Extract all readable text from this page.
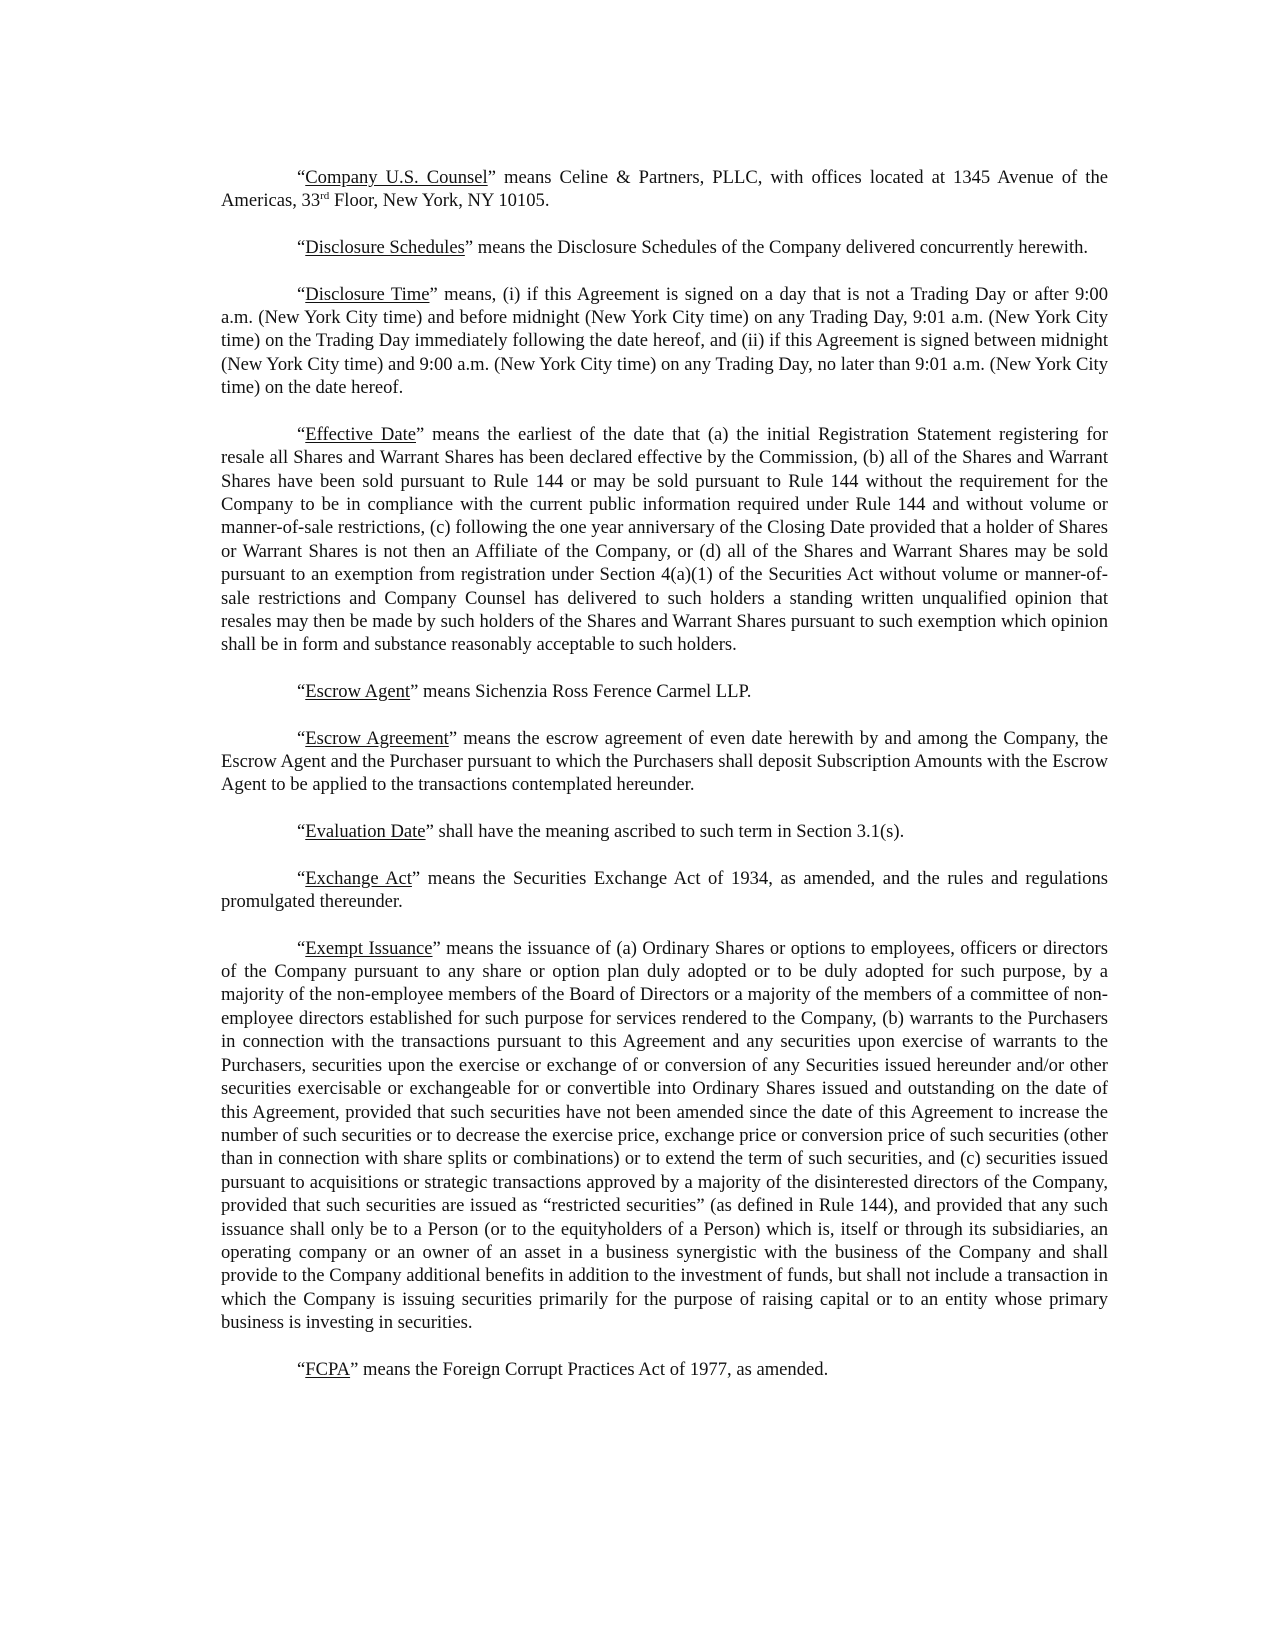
“Company U.S. Counsel” means Celine & Partners, PLLC, with offices located at 1345 Avenue of the Americas, 33rd Floor, New York, NY 10105.

“Disclosure Schedules” means the Disclosure Schedules of the Company delivered concurrently herewith.

“Disclosure Time” means, (i) if this Agreement is signed on a day that is not a Trading Day or after 9:00 a.m. (New York City time) and before midnight (New York City time) on any Trading Day, 9:01 a.m. (New York City time) on the Trading Day immediately following the date hereof, and (ii) if this Agreement is signed between midnight (New York City time) and 9:00 a.m. (New York City time) on any Trading Day, no later than 9:01 a.m. (New York City time) on the date hereof.

“Effective Date” means the earliest of the date that (a) the initial Registration Statement registering for resale all Shares and Warrant Shares has been declared effective by the Commission, (b) all of the Shares and Warrant Shares have been sold pursuant to Rule 144 or may be sold pursuant to Rule 144 without the requirement for the Company to be in compliance with the current public information required under Rule 144 and without volume or manner-of-sale restrictions, (c) following the one year anniversary of the Closing Date provided that a holder of Shares or Warrant Shares is not then an Affiliate of the Company, or (d) all of the Shares and Warrant Shares may be sold pursuant to an exemption from registration under Section 4(a)(1) of the Securities Act without volume or manner-of-sale restrictions and Company Counsel has delivered to such holders a standing written unqualified opinion that resales may then be made by such holders of the Shares and Warrant Shares pursuant to such exemption which opinion shall be in form and substance reasonably acceptable to such holders.

“Escrow Agent” means Sichenzia Ross Ference Carmel LLP.

“Escrow Agreement” means the escrow agreement of even date herewith by and among the Company, the Escrow Agent and the Purchaser pursuant to which the Purchasers shall deposit Subscription Amounts with the Escrow Agent to be applied to the transactions contemplated hereunder.

“Evaluation Date” shall have the meaning ascribed to such term in Section 3.1(s).

“Exchange Act” means the Securities Exchange Act of 1934, as amended, and the rules and regulations promulgated thereunder.

“Exempt Issuance” means the issuance of (a) Ordinary Shares or options to employees, officers or directors of the Company pursuant to any share or option plan duly adopted or to be duly adopted for such purpose, by a majority of the non-employee members of the Board of Directors or a majority of the members of a committee of non-employee directors established for such purpose for services rendered to the Company, (b) warrants to the Purchasers in connection with the transactions pursuant to this Agreement and any securities upon exercise of warrants to the Purchasers, securities upon the exercise or exchange of or conversion of any Securities issued hereunder and/or other securities exercisable or exchangeable for or convertible into Ordinary Shares issued and outstanding on the date of this Agreement, provided that such securities have not been amended since the date of this Agreement to increase the number of such securities or to decrease the exercise price, exchange price or conversion price of such securities (other than in connection with share splits or combinations) or to extend the term of such securities, and (c) securities issued pursuant to acquisitions or strategic transactions approved by a majority of the disinterested directors of the Company, provided that such securities are issued as “restricted securities” (as defined in Rule 144), and provided that any such issuance shall only be to a Person (or to the equityholders of a Person) which is, itself or through its subsidiaries, an operating company or an owner of an asset in a business synergistic with the business of the Company and shall provide to the Company additional benefits in addition to the investment of funds, but shall not include a transaction in which the Company is issuing securities primarily for the purpose of raising capital or to an entity whose primary business is investing in securities.

“FCPA” means the Foreign Corrupt Practices Act of 1977, as amended.
